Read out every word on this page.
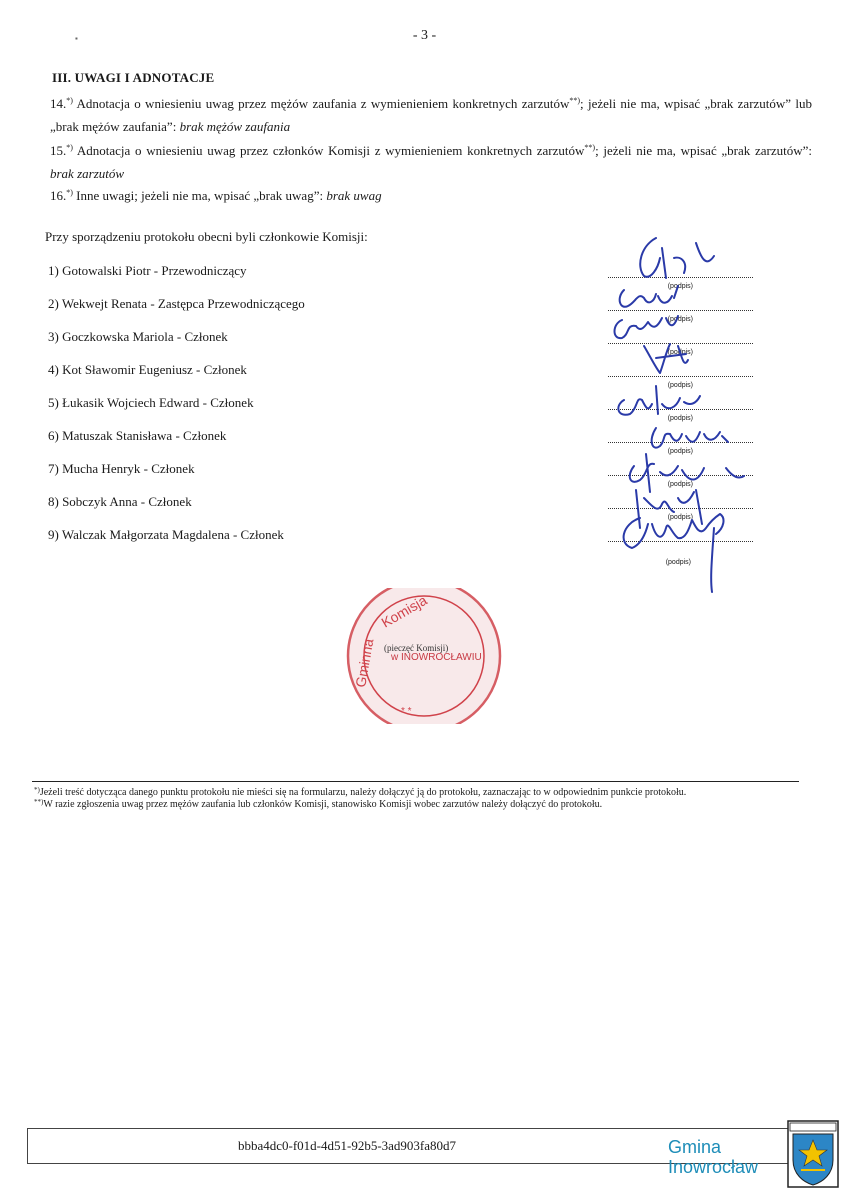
▪	- 3 -
III. UWAGI I ADNOTACJE
14.*) Adnotacja o wniesieniu uwag przez mężów zaufania z wymienieniem konkretnych zarzutów**); jeżeli nie ma, wpisać „brak zarzutów” lub „brak mężów zaufania”: brak mężów zaufania
15.*) Adnotacja o wniesieniu uwag przez członków Komisji z wymienieniem konkretnych zarzutów**); jeżeli nie ma, wpisać „brak zarzutów”: brak zarzutów
16.*) Inne uwagi; jeżeli nie ma, wpisać „brak uwag”: brak uwag
Przy sporządzeniu protokołu obecni byli członkowie Komisji:
1) Gotowalski Piotr - Przewodniczący
2) Wekwejt Renata - Zastępca Przewodniczącego
3) Goczkowska Mariola - Członek
4) Kot Sławomir Eugeniusz - Członek
5) Łukasik Wojciech Edward - Członek
6) Matuszak Stanisława - Członek
7) Mucha Henryk - Członek
8) Sobczyk Anna - Członek
9) Walczak Małgorzata Magdalena - Członek
(podpis)
(podpis)
(podpis)
(podpis)
(podpis)
(podpis)
(podpis)
(podpis)
(podpis)
Komisja
Gminna w INOWROCŁAWIU
* *
(pieczęć Komisji)
*)Jeżeli treść dotycząca danego punktu protokołu nie mieści się na formularzu, należy dołączyć ją do protokołu, zaznaczając to w odpowiednim punkcie protokołu.
**)W razie zgłoszenia uwag przez mężów zaufania lub członków Komisji, stanowisko Komisji wobec zarzutów należy dołączyć do protokołu.
bbba4dc0-f01d-4d51-92b5-3ad903fa80d7	Gmina
Inowrocław
